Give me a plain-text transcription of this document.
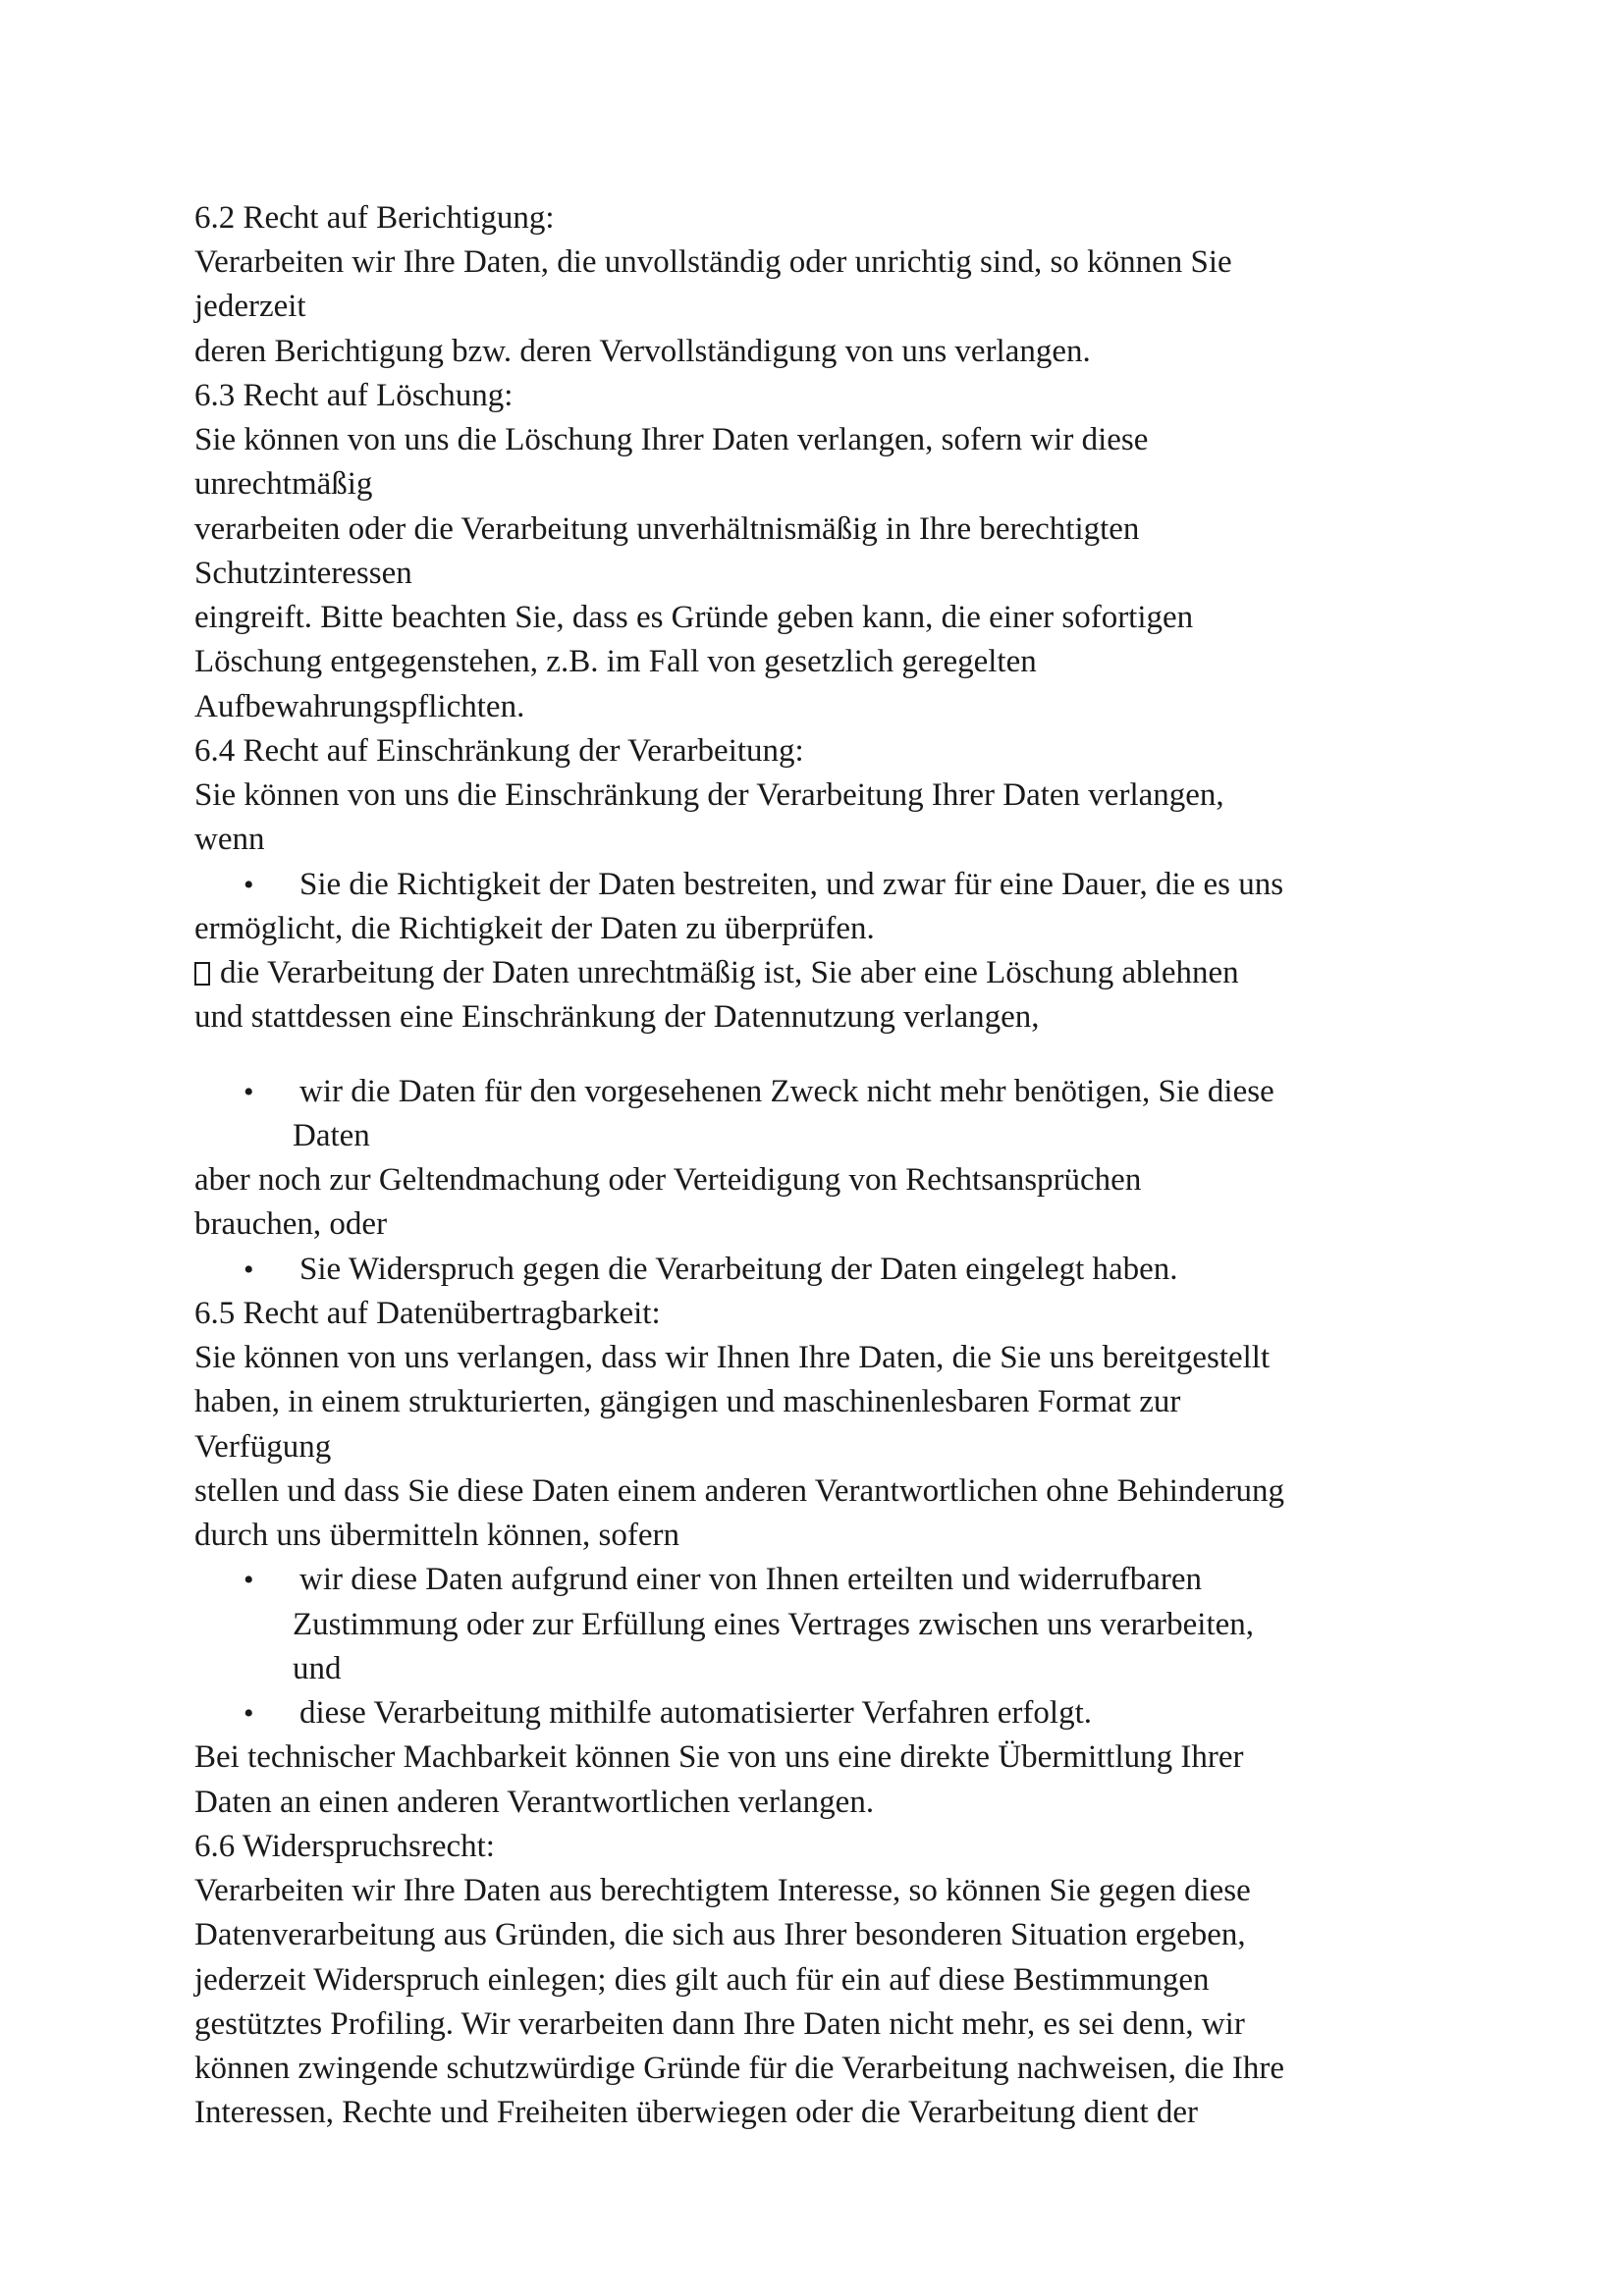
6.2 Recht auf Berichtigung:
Verarbeiten wir Ihre Daten, die unvollständig oder unrichtig sind, so können Sie
jederzeit
deren Berichtigung bzw. deren Vervollständigung von uns verlangen.
6.3 Recht auf Löschung:
Sie können von uns die Löschung Ihrer Daten verlangen, sofern wir diese
unrechtmäßig
verarbeiten oder die Verarbeitung unverhältnismäßig in Ihre berechtigten
Schutzinteressen
eingreift. Bitte beachten Sie, dass es Gründe geben kann, die einer sofortigen
Löschung entgegenstehen, z.B. im Fall von gesetzlich geregelten
Aufbewahrungspflichten.
6.4 Recht auf Einschränkung der Verarbeitung:
Sie können von uns die Einschränkung der Verarbeitung Ihrer Daten verlangen,
wenn
• Sie die Richtigkeit der Daten bestreiten, und zwar für eine Dauer, die es uns
ermöglicht, die Richtigkeit der Daten zu überprüfen.
die Verarbeitung der Daten unrechtmäßig ist, Sie aber eine Löschung ablehnen
und stattdessen eine Einschränkung der Datennutzung verlangen,
• wir die Daten für den vorgesehenen Zweck nicht mehr benötigen, Sie diese
Daten
aber noch zur Geltendmachung oder Verteidigung von Rechtsansprüchen
brauchen, oder
• Sie Widerspruch gegen die Verarbeitung der Daten eingelegt haben.
6.5 Recht auf Datenübertragbarkeit:
Sie können von uns verlangen, dass wir Ihnen Ihre Daten, die Sie uns bereitgestellt
haben, in einem strukturierten, gängigen und maschinenlesbaren Format zur
Verfügung
stellen und dass Sie diese Daten einem anderen Verantwortlichen ohne Behinderung
durch uns übermitteln können, sofern
• wir diese Daten aufgrund einer von Ihnen erteilten und widerrufbaren
Zustimmung oder zur Erfüllung eines Vertrages zwischen uns verarbeiten,
und
• diese Verarbeitung mithilfe automatisierter Verfahren erfolgt.
Bei technischer Machbarkeit können Sie von uns eine direkte Übermittlung Ihrer
Daten an einen anderen Verantwortlichen verlangen.
6.6 Widerspruchsrecht:
Verarbeiten wir Ihre Daten aus berechtigtem Interesse, so können Sie gegen diese
Datenverarbeitung aus Gründen, die sich aus Ihrer besonderen Situation ergeben,
jederzeit Widerspruch einlegen; dies gilt auch für ein auf diese Bestimmungen
gestütztes Profiling. Wir verarbeiten dann Ihre Daten nicht mehr, es sei denn, wir
können zwingende schutzwürdige Gründe für die Verarbeitung nachweisen, die Ihre
Interessen, Rechte und Freiheiten überwiegen oder die Verarbeitung dient der
